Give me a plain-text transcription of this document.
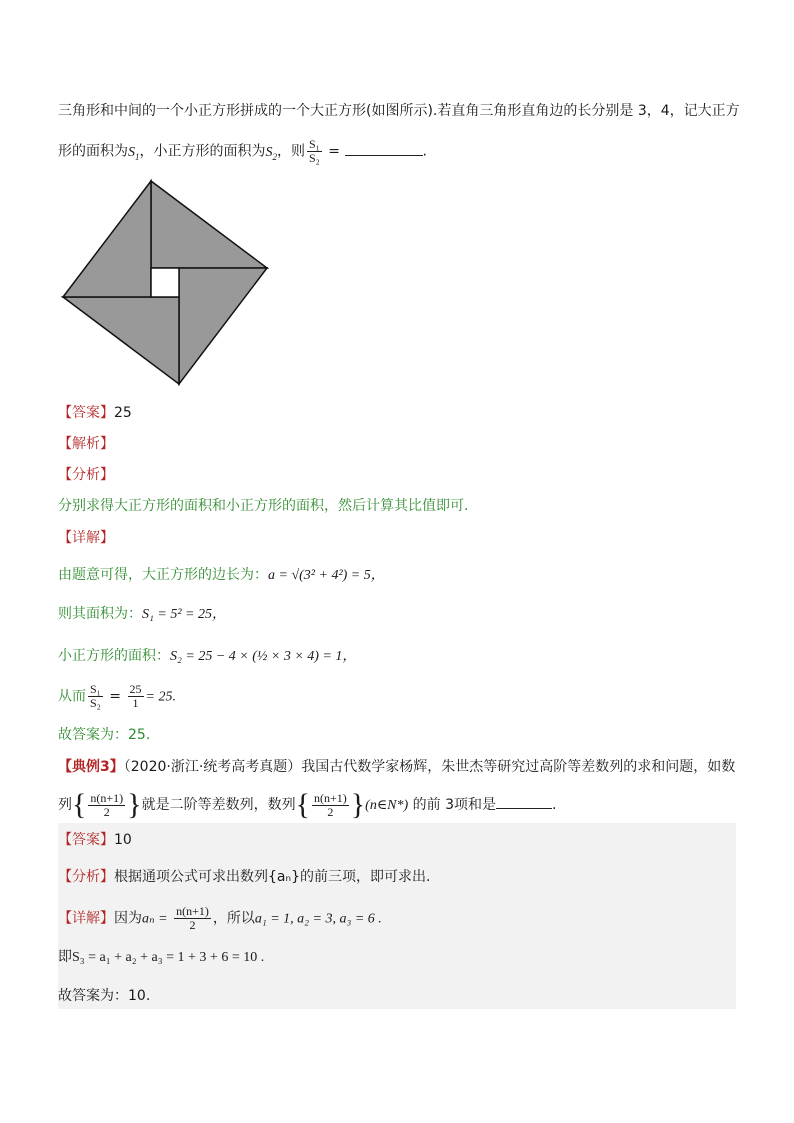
三角形和中间的一个小正方形拼成的一个大正方形(如图所示).若直角三角形直角边的长分别是 3，4，记大正方
形的面积为$S_1$，小正方形的面积为$S_2$，则 $\frac{\text{S₁}}{\text{S₂}}$ =	.
【答案】25
【解析】
【分析】
分别求得大正方形的面积和小正方形的面积，然后计算其比值即可.
【详解】
由题意可得，大正方形的边长为：a = √(3² + 4²) = 5，
则其面积为：S₁ = 5² = 25，
小正方形的面积：S₂ = 25 − 4 × (½ × 3 × 4) = 1，
从而 $\frac{\text{S₁}}{\text{S₂}} = \frac{25}{1} = 25$.
故答案为：25.
【典例3】（2020·浙江·统考高考真题）我国古代数学家杨辉，朱世杰等研究过高阶等差数列的求和问题，如数
列{ $\frac{n(n+1)}{2}$ }就是二阶等差数列，数列{ $\frac{n(n+1)}{2}$ }(n∈N*) 的前 3项和是	.
【答案】10
【分析】根据通项公式可求出数列{aₙ}的前三项，即可求出.
【详解】因为$a_n = \frac{n(n+1)}{2}$ ，所以a₁ = 1, a₂ = 3, a₃ = 6 .
即S₃ = a₁ + a₂ + a₃ = 1 + 3 + 6 = 10 .
故答案为：10.
